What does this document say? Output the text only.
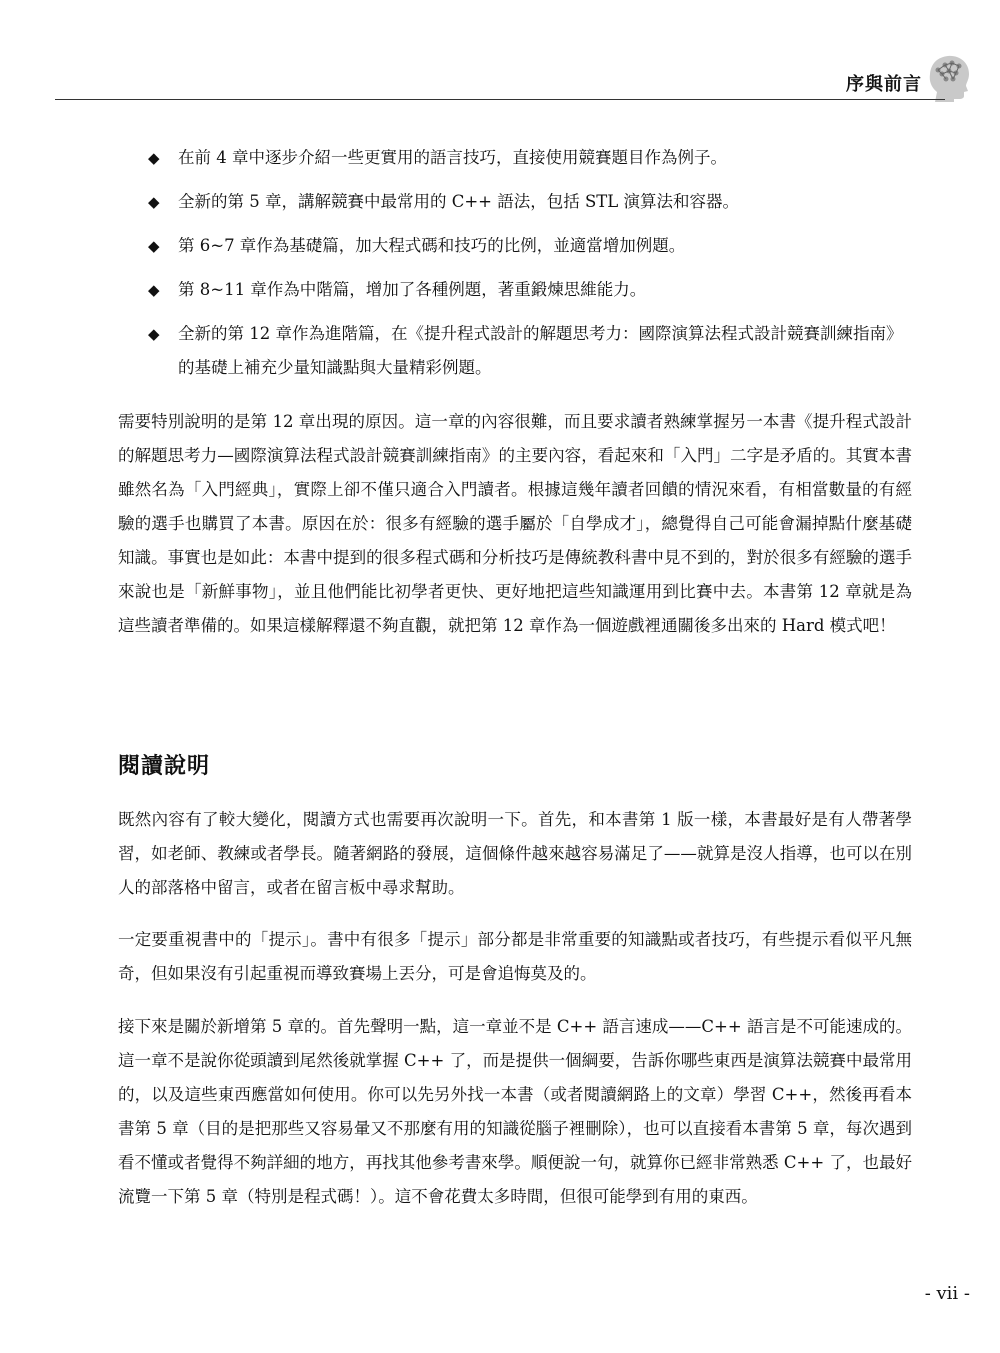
序與前言
◆ 在前 4 章中逐步介紹一些更實用的語言技巧，直接使用競賽題目作為例子。
◆ 全新的第 5 章，講解競賽中最常用的 C++ 語法，包括 STL 演算法和容器。
◆ 第 6~7 章作為基礎篇，加大程式碼和技巧的比例，並適當增加例題。
◆ 第 8~11 章作為中階篇，增加了各種例題，著重鍛煉思維能力。
◆ 全新的第 12 章作為進階篇，在《提升程式設計的解題思考力：國際演算法程式設計競賽訓練指南》的基礎上補充少量知識點與大量精彩例題。

需要特別說明的是第 12 章出現的原因。這一章的內容很難，而且要求讀者熟練掌握另一本書《提升程式設計的解題思考力—國際演算法程式設計競賽訓練指南》的主要內容，看起來和「入門」二字是矛盾的。其實本書雖然名為「入門經典」，實際上卻不僅只適合入門讀者。根據這幾年讀者回饋的情況來看，有相當數量的有經驗的選手也購買了本書。原因在於：很多有經驗的選手屬於「自學成才」，總覺得自己可能會漏掉點什麼基礎知識。事實也是如此：本書中提到的很多程式碼和分析技巧是傳統教科書中見不到的，對於很多有經驗的選手來說也是「新鮮事物」，並且他們能比初學者更快、更好地把這些知識運用到比賽中去。本書第 12 章就是為這些讀者準備的。如果這樣解釋還不夠直觀，就把第 12 章作為一個遊戲裡通關後多出來的 Hard 模式吧！

閱讀說明

既然內容有了較大變化，閱讀方式也需要再次說明一下。首先，和本書第 1 版一樣，本書最好是有人帶著學習，如老師、教練或者學長。隨著網路的發展，這個條件越來越容易滿足了——就算是沒人指導，也可以在別人的部落格中留言，或者在留言板中尋求幫助。

一定要重視書中的「提示」。書中有很多「提示」部分都是非常重要的知識點或者技巧，有些提示看似平凡無奇，但如果沒有引起重視而導致賽場上丟分，可是會追悔莫及的。

接下來是關於新增第 5 章的。首先聲明一點，這一章並不是 C++ 語言速成——C++ 語言是不可能速成的。這一章不是說你從頭讀到尾然後就掌握 C++ 了，而是提供一個綱要，告訴你哪些東西是演算法競賽中最常用的，以及這些東西應當如何使用。你可以先另外找一本書（或者閱讀網路上的文章）學習 C++，然後再看本書第 5 章（目的是把那些又容易暈又不那麼有用的知識從腦子裡刪除），也可以直接看本書第 5 章，每次遇到看不懂或者覺得不夠詳細的地方，再找其他參考書來學。順便說一句，就算你已經非常熟悉 C++ 了，也最好流覽一下第 5 章（特別是程式碼！）。這不會花費太多時間，但很可能學到有用的東西。

- vii -
